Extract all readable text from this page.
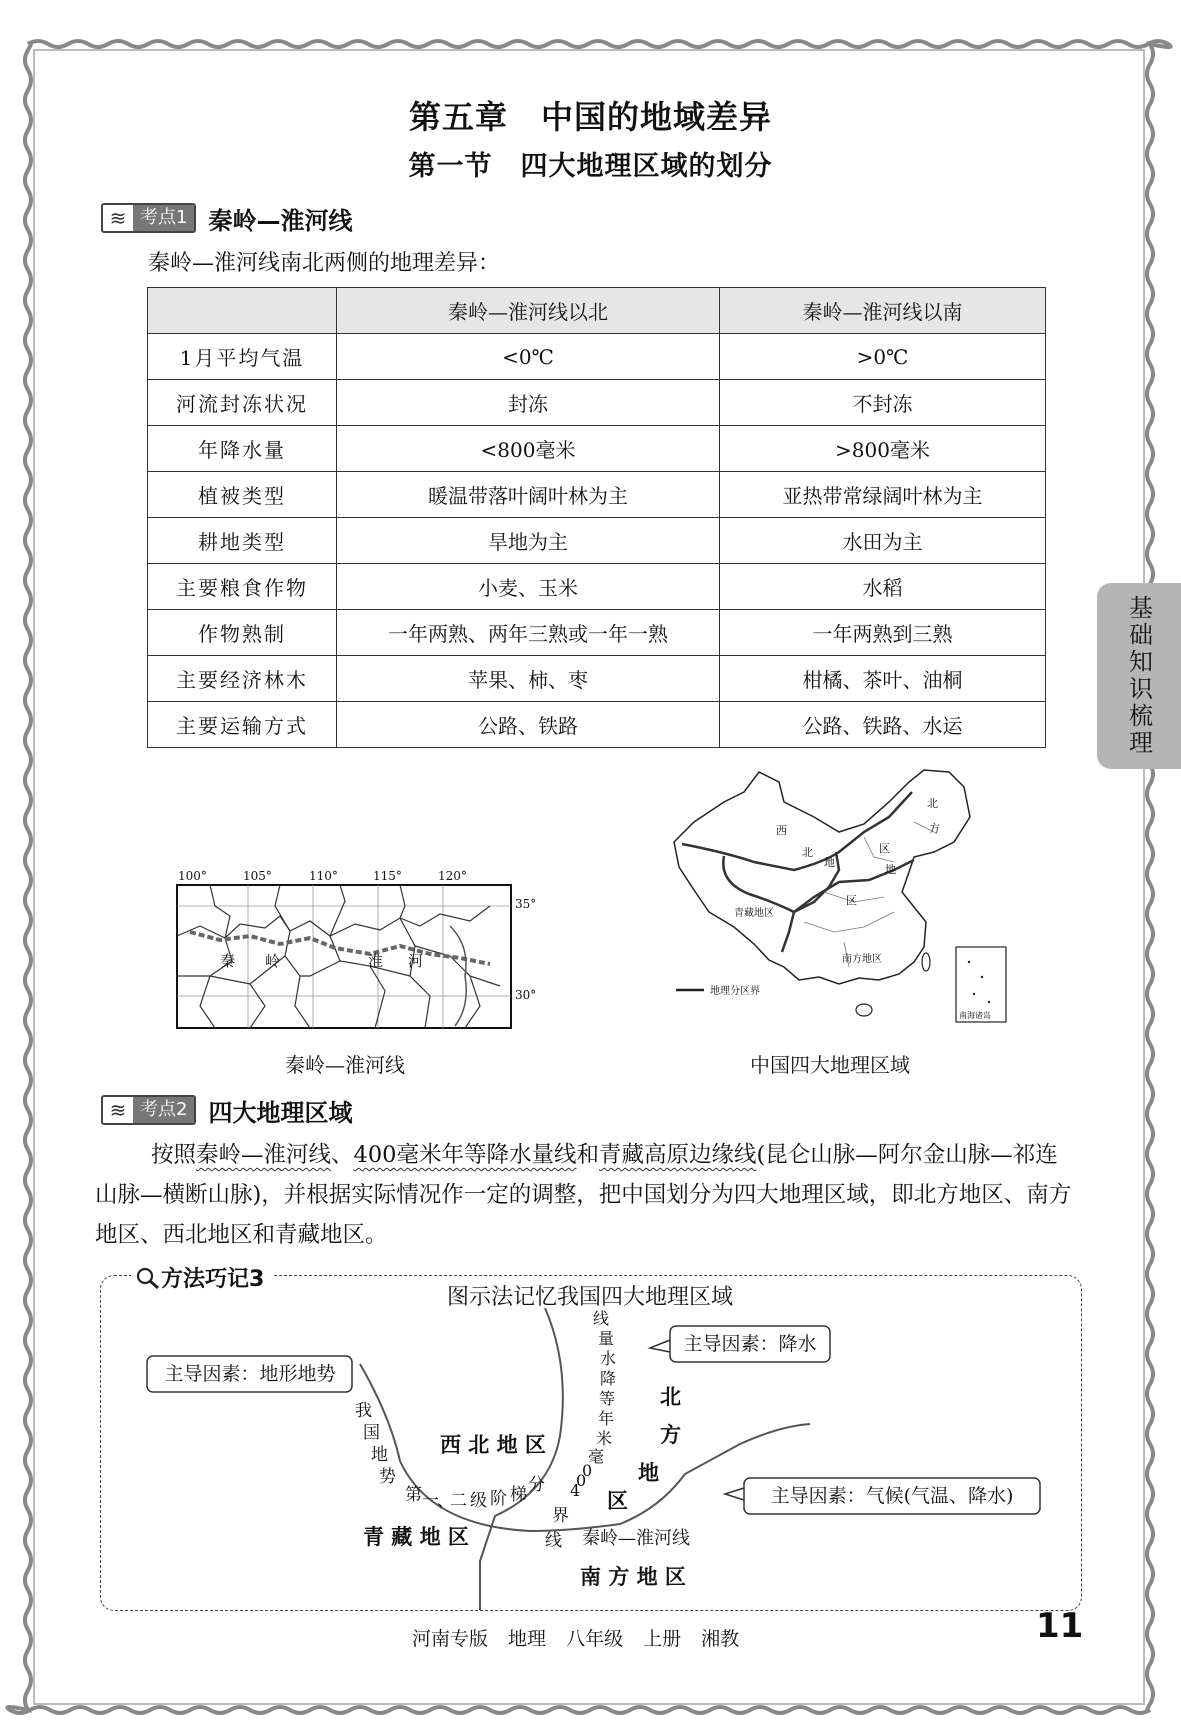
第五章　中国的地域差异
第一节　四大地理区域的划分
≋ 考点1 秦岭—淮河线
秦岭—淮河线南北两侧的地理差异：
	秦岭—淮河线以北	秦岭—淮河线以南
1月平均气温	<0℃	>0℃
河流封冻状况	封冻	不封冻
年降水量	<800毫米	>800毫米
植被类型	暖温带落叶阔叶林为主	亚热带常绿阔叶林为主
耕地类型	旱地为主	水田为主
主要粮食作物	小麦、玉米	水稻
作物熟制	一年两熟、两年三熟或一年一熟	一年两熟到三熟
主要经济林木	苹果、柿、枣	柑橘、茶叶、油桐
主要运输方式	公路、铁路	公路、铁路、水运
100°	105°	110°	115°	120°
35°
30°
秦 岭	淮 河
秦岭—淮河线
南海诸岛
西
北
地
区
北
方
地
区
青藏地区
南方地区
地理分区界
中国四大地理区域
≋ 考点2 四大地理区域
按照秦岭—淮河线、400毫米年等降水量线和青藏高原边缘线(昆仑山脉—阿尔金山脉—祁连山脉—横断山脉)，并根据实际情况作一定的调整，把中国划分为四大地理区域，即北方地区、南方地区、西北地区和青藏地区。
方法巧记3
图示法记忆我国四大地理区域
主导因素：地形地势
主导因素：降水
主导因素：气候(气温、降水)
我
国
地
势
第 一
、
二 级 阶 梯 分
界
线
4
0
0
毫
米
年
等
降
水
量
线
秦岭—淮河线
西 北 地 区
青 藏 地 区
南 方 地 区
北
方
地
区
基础知识梳理
河南专版 地理 八年级 上册 湘教	11
